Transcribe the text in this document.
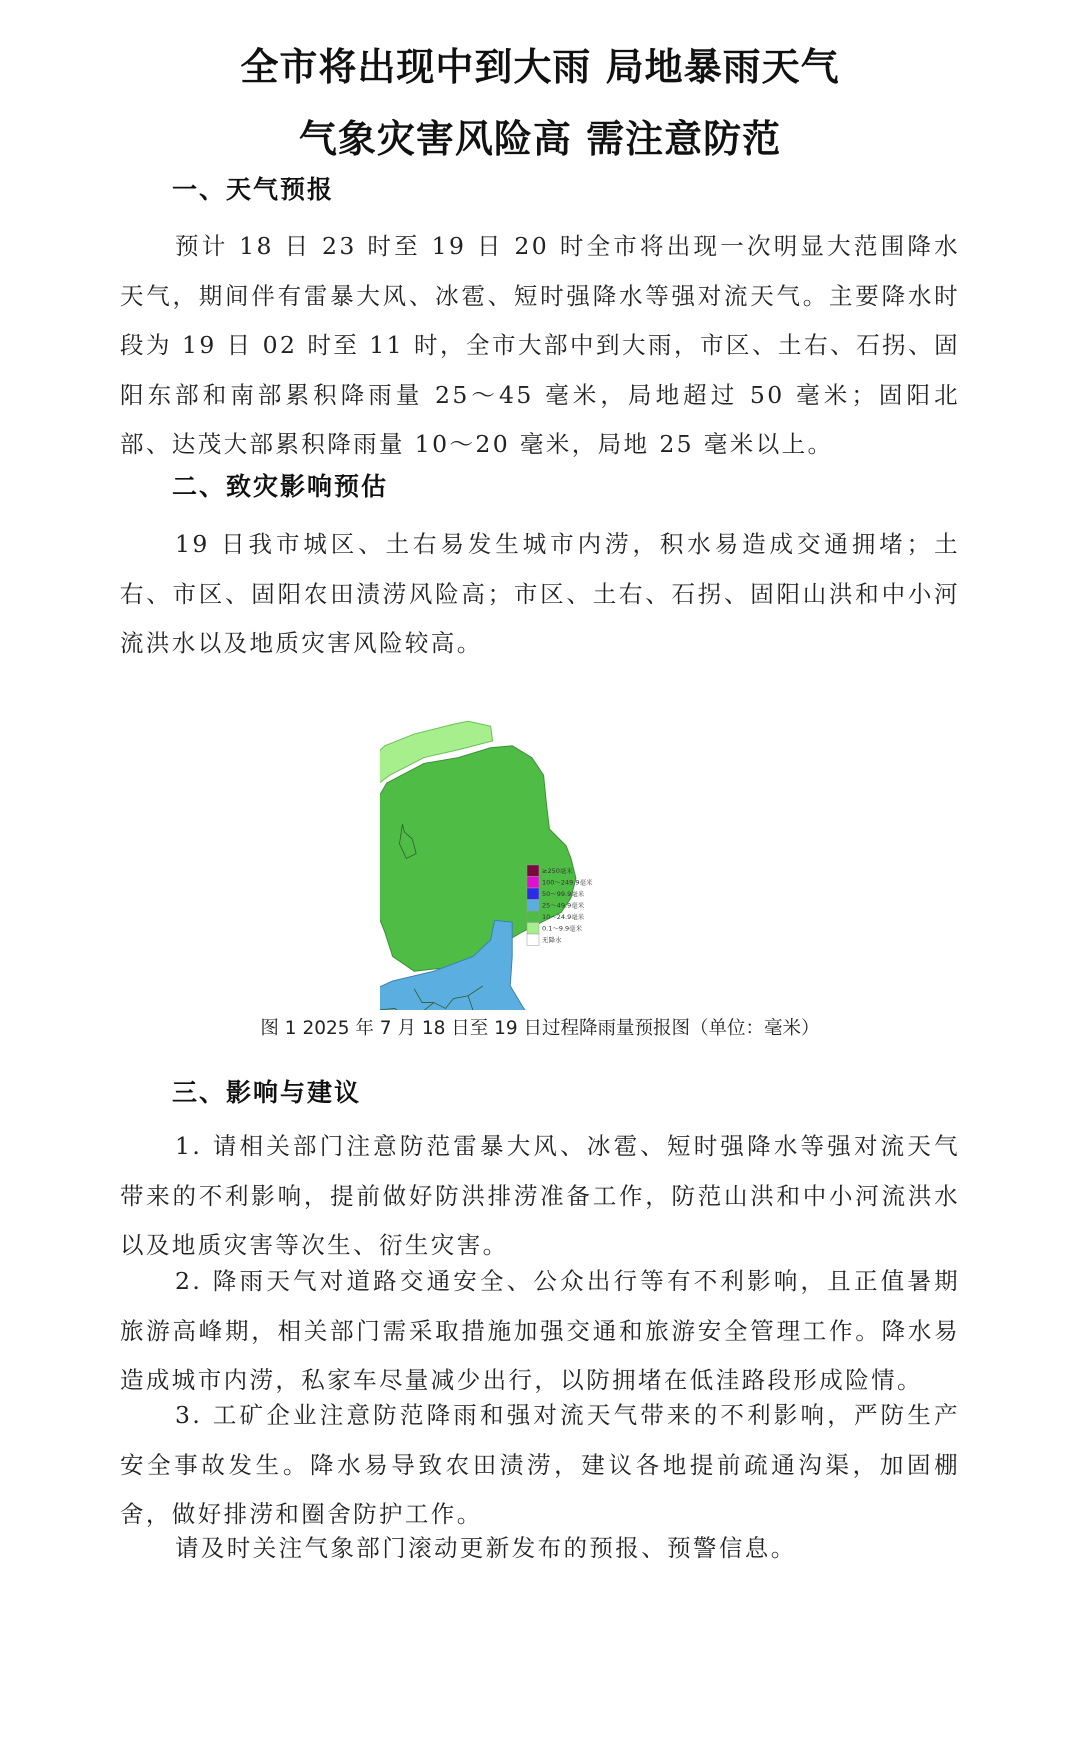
全市将出现中到大雨 局地暴雨天气
气象灾害风险高 需注意防范
一、天气预报

预计 18 日 23 时至 19 日 20 时全市将出现一次明显大范围降水天气，期间伴有雷暴大风、冰雹、短时强降水等强对流天气。主要降水时段为 19 日 02 时至 11 时，全市大部中到大雨，市区、土右、石拐、固阳东部和南部累积降雨量 25～45 毫米，局地超过 50 毫米；固阳北部、达茂大部累积降雨量 10～20 毫米，局地 25 毫米以上。

二、致灾影响预估

19 日我市城区、土右易发生城市内涝，积水易造成交通拥堵；土右、市区、固阳农田渍涝风险高；市区、土右、石拐、固阳山洪和中小河流洪水以及地质灾害风险较高。

≥250毫米
100～249.9毫米
50～99.9毫米
25～49.9毫米
10～24.9毫米
0.1～9.9毫米
无降水
图 1 2025 年 7 月 18 日至 19 日过程降雨量预报图（单位：毫米）
三、影响与建议

1. 请相关部门注意防范雷暴大风、冰雹、短时强降水等强对流天气带来的不利影响，提前做好防洪排涝准备工作，防范山洪和中小河流洪水以及地质灾害等次生、衍生灾害。

2. 降雨天气对道路交通安全、公众出行等有不利影响，且正值暑期旅游高峰期，相关部门需采取措施加强交通和旅游安全管理工作。降水易造成城市内涝，私家车尽量减少出行，以防拥堵在低洼路段形成险情。

3. 工矿企业注意防范降雨和强对流天气带来的不利影响，严防生产安全事故发生。降水易导致农田渍涝，建议各地提前疏通沟渠，加固棚舍，做好排涝和圈舍防护工作。

请及时关注气象部门滚动更新发布的预报、预警信息。
